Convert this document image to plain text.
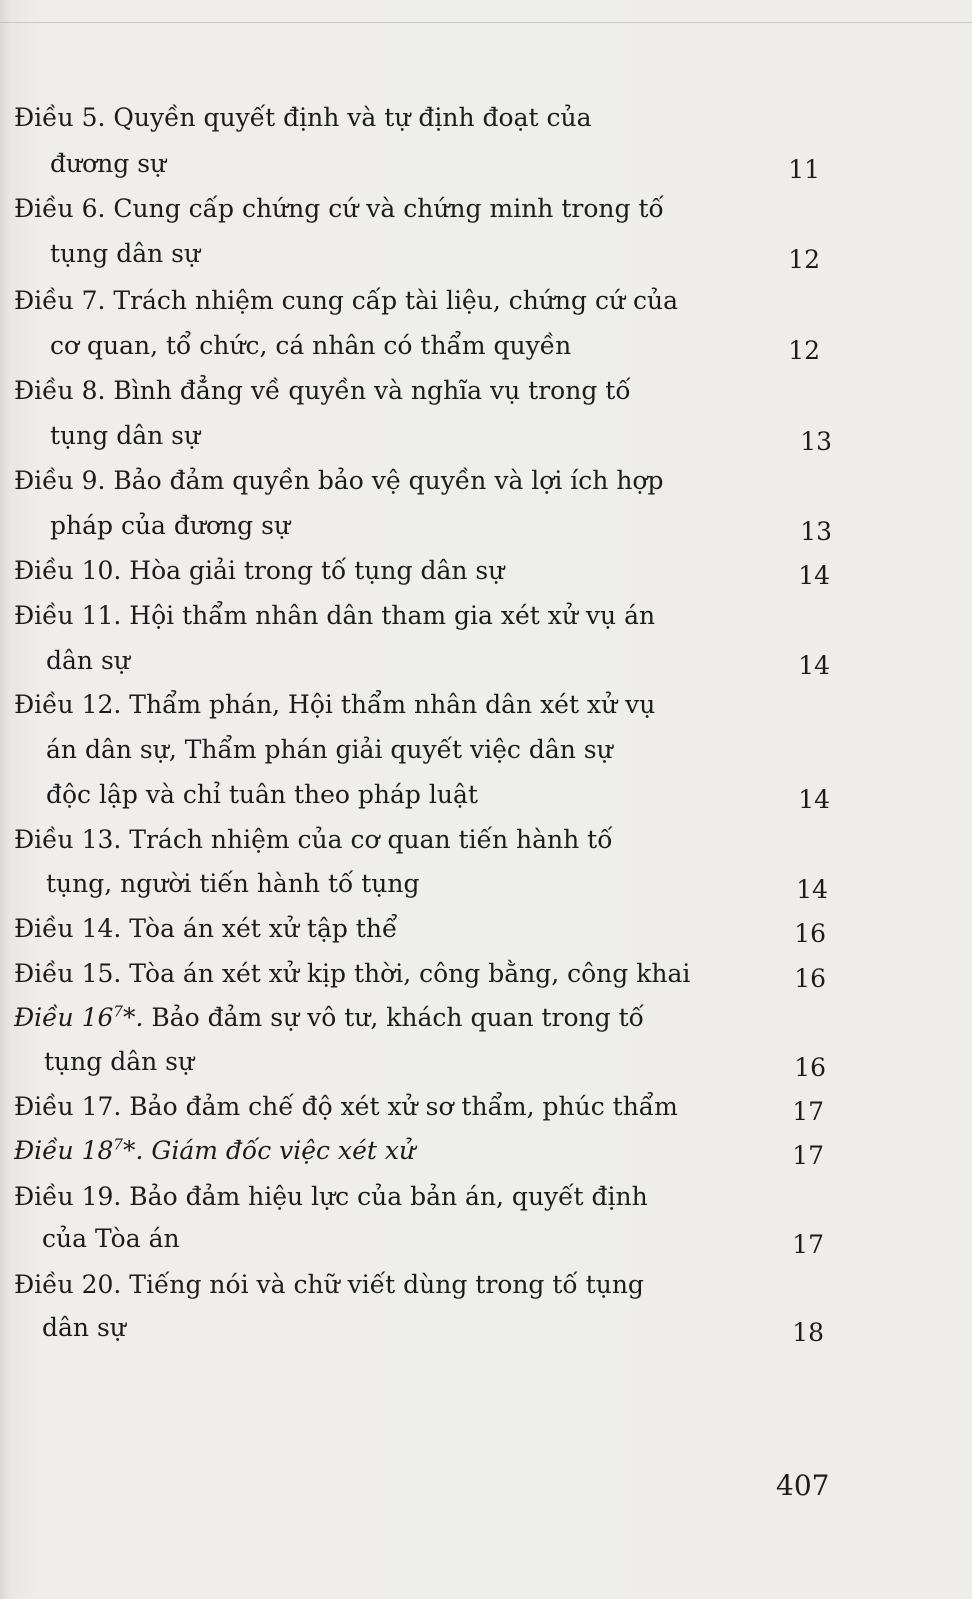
Điều 5. Quyền quyết định và tự định đoạt của
đương sự	11
Điều 6. Cung cấp chứng cứ và chứng minh trong tố
tụng dân sự	12
Điều 7. Trách nhiệm cung cấp tài liệu, chứng cứ của
cơ quan, tổ chức, cá nhân có thẩm quyền	12
Điều 8. Bình đẳng về quyền và nghĩa vụ trong tố
tụng dân sự	13
Điều 9. Bảo đảm quyền bảo vệ quyền và lợi ích hợp
pháp của đương sự	13
Điều 10. Hòa giải trong tố tụng dân sự	14
Điều 11. Hội thẩm nhân dân tham gia xét xử vụ án
dân sự	14
Điều 12. Thẩm phán, Hội thẩm nhân dân xét xử vụ
án dân sự, Thẩm phán giải quyết việc dân sự
độc lập và chỉ tuân theo pháp luật	14
Điều 13. Trách nhiệm của cơ quan tiến hành tố
tụng, người tiến hành tố tụng	14
Điều 14. Tòa án xét xử tập thể	16
Điều 15. Tòa án xét xử kịp thời, công bằng, công khai	16
Điều $16^7*$. Bảo đảm sự vô tư, khách quan trong tố
tụng dân sự	16
Điều 17. Bảo đảm chế độ xét xử sơ thẩm, phúc thẩm	17
Điều $18^7*$. Giám đốc việc xét xử	17
Điều 19. Bảo đảm hiệu lực của bản án, quyết định
của Tòa án	17
Điều 20. Tiếng nói và chữ viết dùng trong tố tụng
dân sự	18
407
